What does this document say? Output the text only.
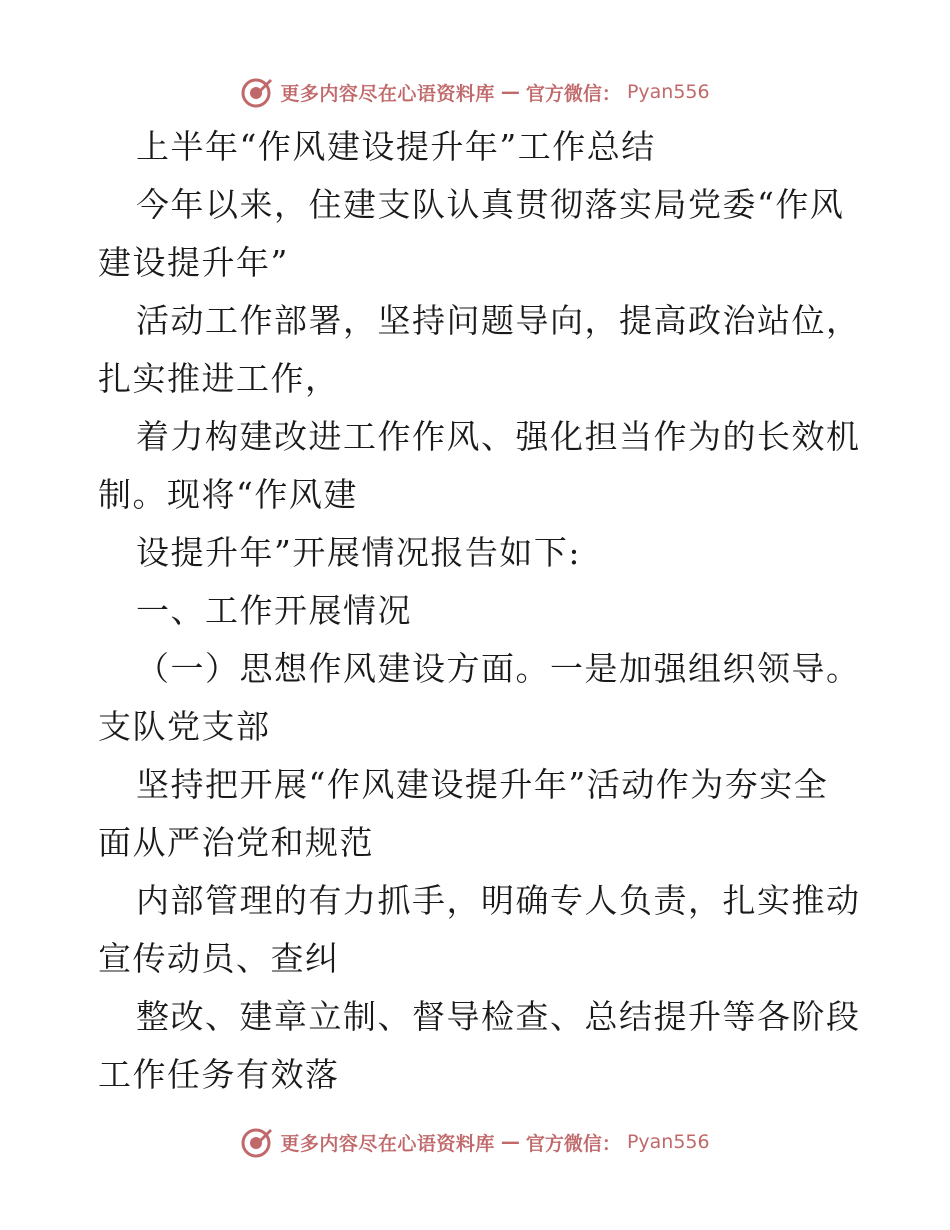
更多内容尽在心语资料库 — 官方微信： Pyan556
上半年“作风建设提升年”工作总结
今年以来，住建支队认真贯彻落实局党委“作风
建设提升年”
活动工作部署，坚持问题导向，提高政治站位，
扎实推进工作，
着力构建改进工作作风、强化担当作为的长效机
制。现将“作风建
设提升年”开展情况报告如下:
一、工作开展情况
（一）思想作风建设方面。一是加强组织领导。
支队党支部
坚持把开展“作风建设提升年”活动作为夯实全
面从严治党和规范
内部管理的有力抓手，明确专人负责，扎实推动
宣传动员、查纠
整改、建章立制、督导检查、总结提升等各阶段
工作任务有效落
更多内容尽在心语资料库 — 官方微信： Pyan556
